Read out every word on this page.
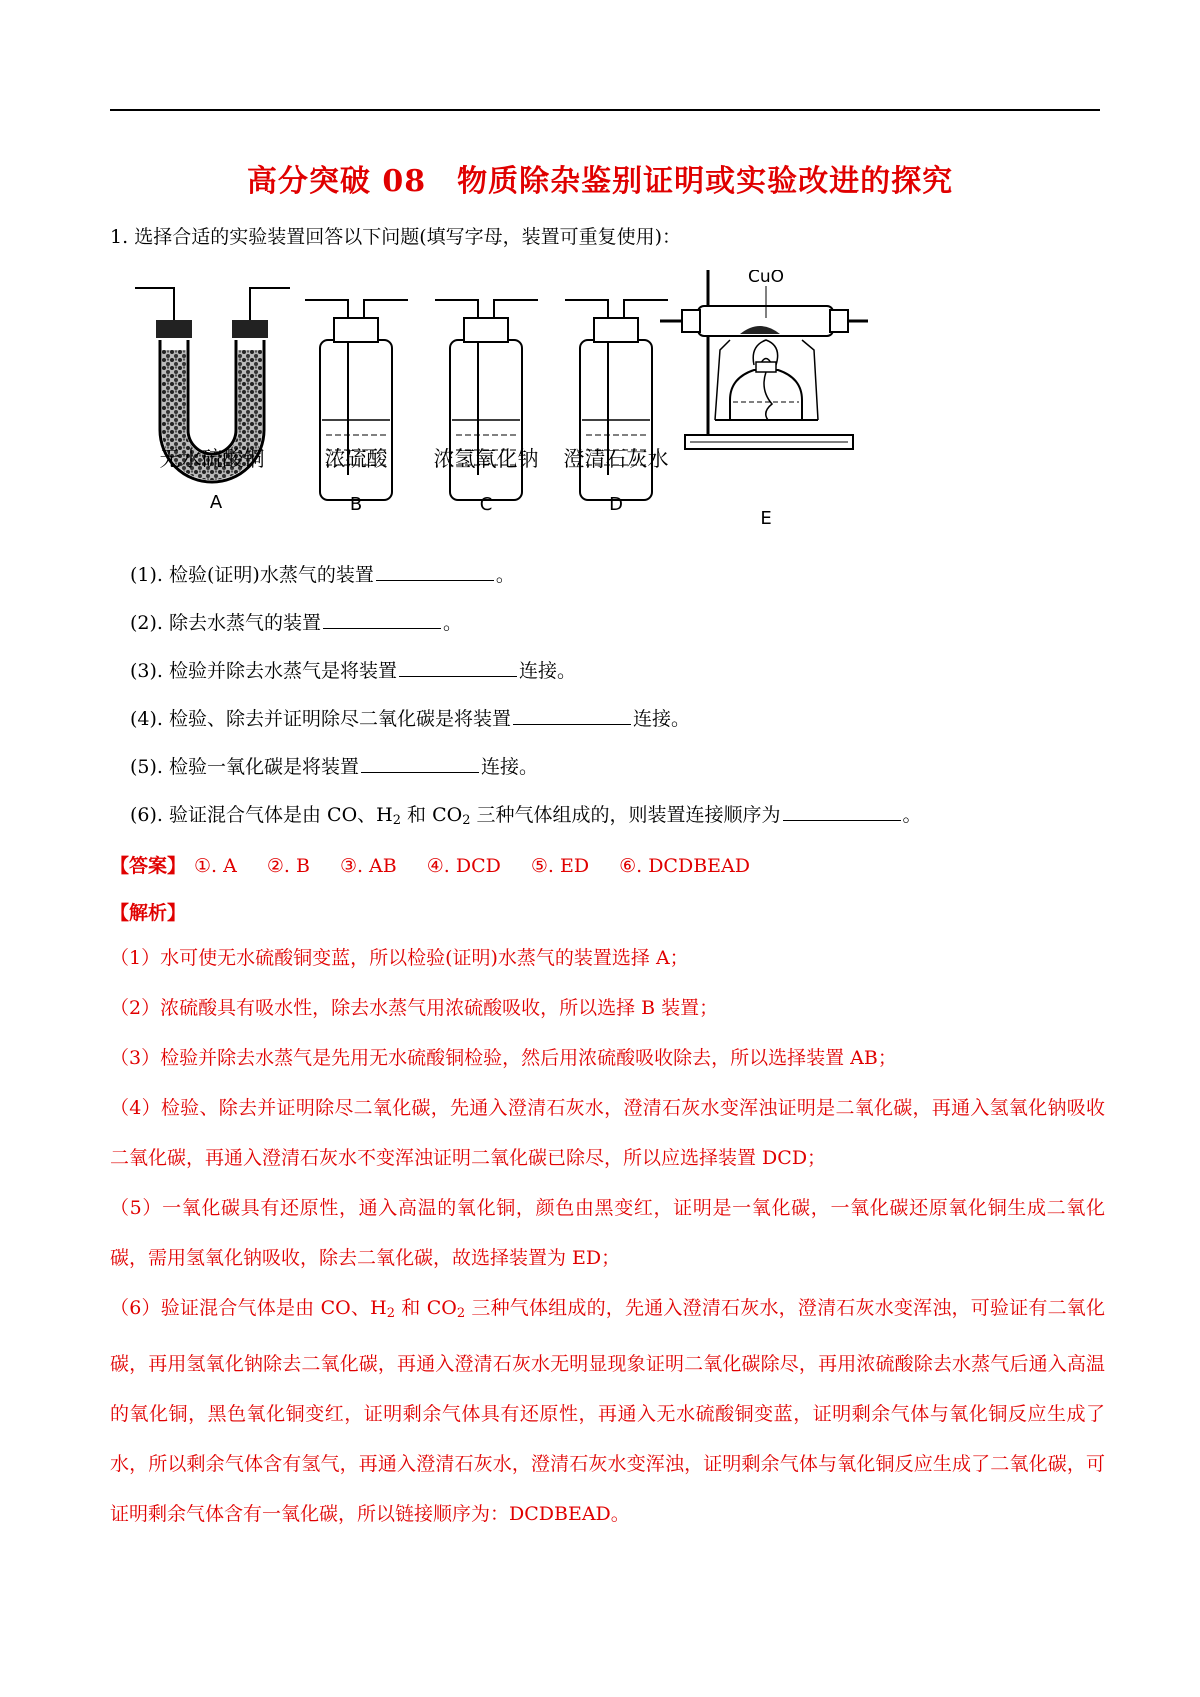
高分突破 08　物质除杂鉴别证明或实验改进的探究
1. 选择合适的实验装置回答以下问题(填写字母，装置可重复使用)：
无水硫酸铜	浓硫酸 浓氢氧化钠 澄清石灰水
CuO
A	B	C	D
E
(1). 检验(证明)水蒸气的装置	。
(2). 除去水蒸气的装置	。
(3). 检验并除去水蒸气是将装置	连接。
(4). 检验、除去并证明除尽二氧化碳是将装置	连接。
(5). 检验一氧化碳是将装置	连接。
(6). 验证混合气体是由 CO、$H_2$ 和 $CO_2$ 三种气体组成的，则装置连接顺序为	。
【答案】 ①. A ②. B ③. AB ④. DCD ⑤. ED ⑥. DCDBEAD
【解析】
（1）水可使无水硫酸铜变蓝，所以检验(证明)水蒸气的装置选择 A；
（2）浓硫酸具有吸水性，除去水蒸气用浓硫酸吸收，所以选择 B 装置；
（3）检验并除去水蒸气是先用无水硫酸铜检验，然后用浓硫酸吸收除去，所以选择装置 AB；
（4）检验、除去并证明除尽二氧化碳，先通入澄清石灰水，澄清石灰水变浑浊证明是二氧化碳，再通入氢氧化钠吸收二氧化碳，再通入澄清石灰水不变浑浊证明二氧化碳已除尽，所以应选择装置 DCD；
（5）一氧化碳具有还原性，通入高温的氧化铜，颜色由黑变红，证明是一氧化碳，一氧化碳还原氧化铜生成二氧化碳，需用氢氧化钠吸收，除去二氧化碳，故选择装置为 ED；
（6）验证混合气体是由 CO、$H_2$ 和 $CO_2$ 三种气体组成的，先通入澄清石灰水，澄清石灰水变浑浊，可验证有二氧化碳，再用氢氧化钠除去二氧化碳，再通入澄清石灰水无明显现象证明二氧化碳除尽，再用浓硫酸除去水蒸气后通入高温的氧化铜，黑色氧化铜变红，证明剩余气体具有还原性，再通入无水硫酸铜变蓝，证明剩余气体与氧化铜反应生成了水，所以剩余气体含有氢气，再通入澄清石灰水，澄清石灰水变浑浊，证明剩余气体与氧化铜反应生成了二氧化碳，可证明剩余气体含有一氧化碳，所以链接顺序为：DCDBEAD。
